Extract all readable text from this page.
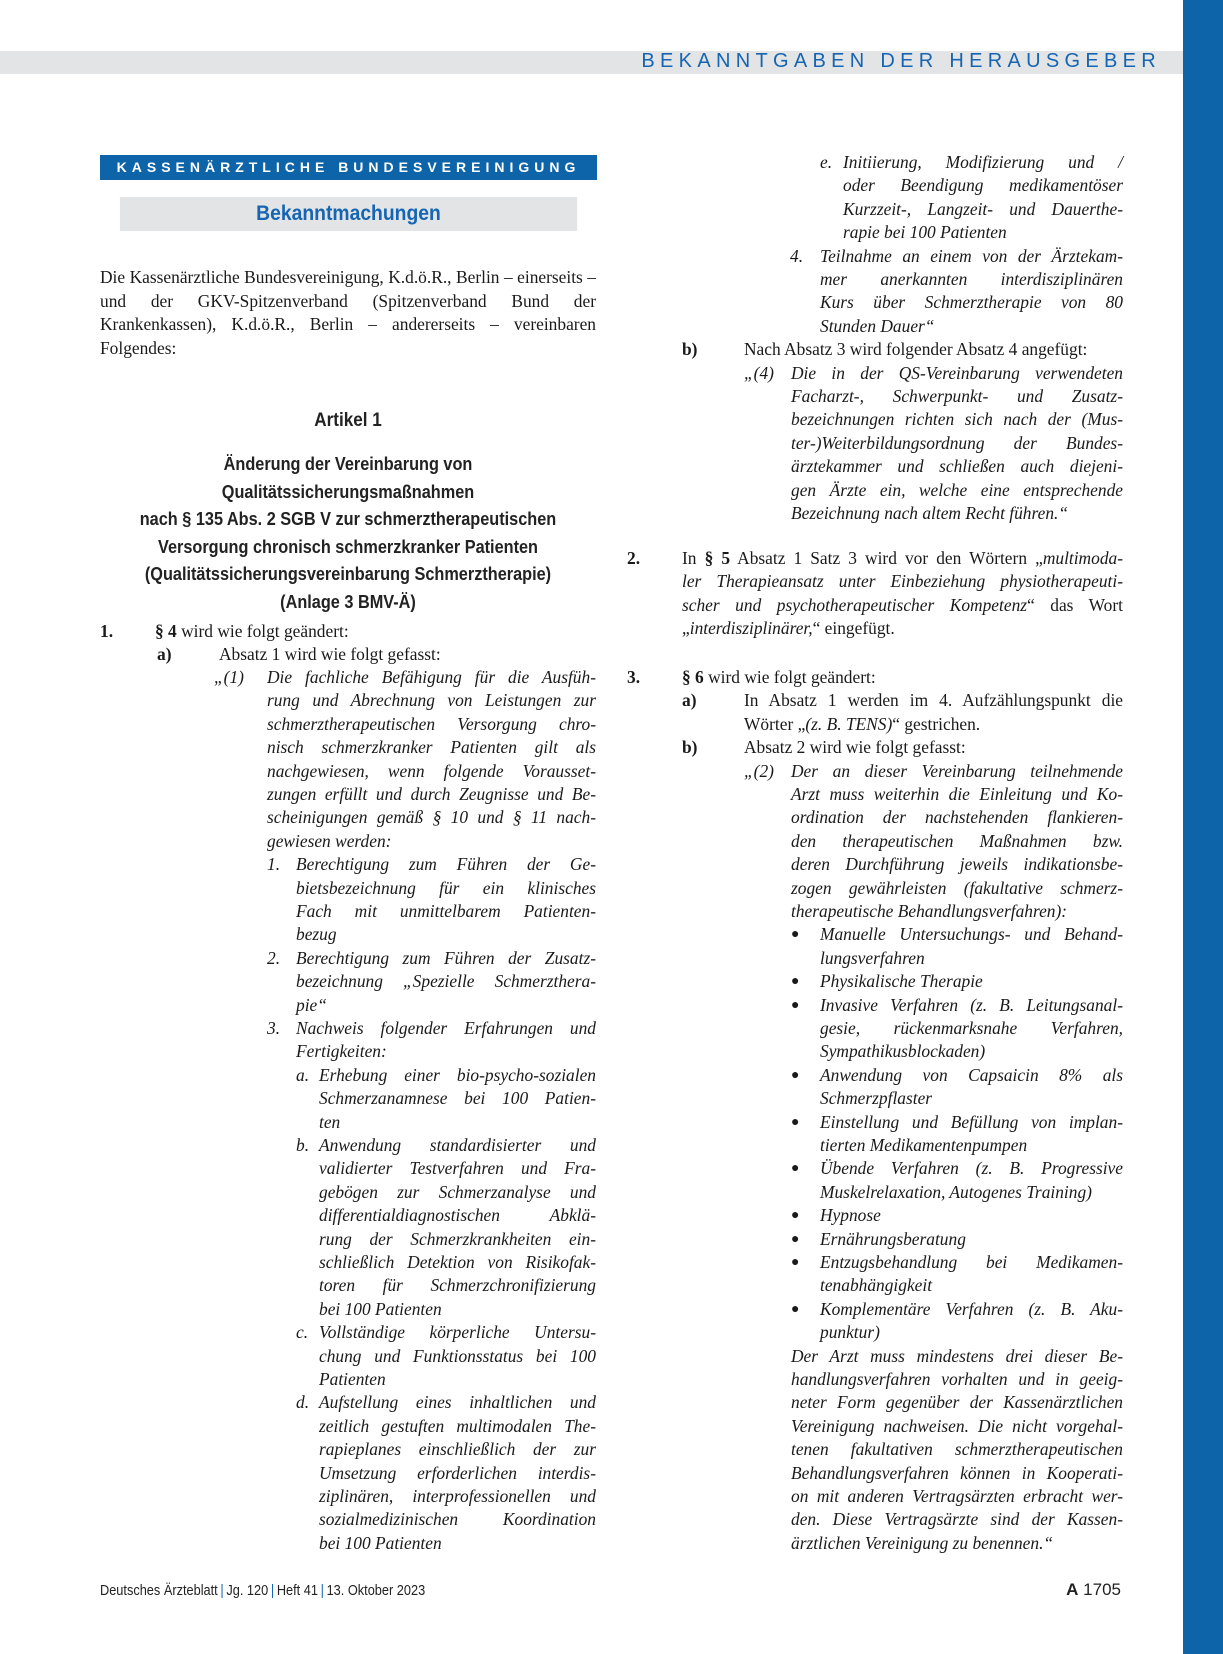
BEKANNTGABEN DER HERAUSGEBER
KASSENÄRZTLICHE BUNDESVEREINIGUNG
Bekanntmachungen
Die Kassenärztliche Bundesvereinigung, K.d.ö.R., Berlin – einerseits – und der GKV-Spitzenverband (Spitzenverband Bund der Krankenkassen), K.d.ö.R., Berlin – andererseits – vereinbaren Folgendes:
Artikel 1
Änderung der Vereinbarung von Qualitätssicherungsmaßnahmen
nach § 135 Abs. 2 SGB V zur schmerztherapeutischen
Versorgung chronisch schmerzkranker Patienten
(Qualitätssicherungsvereinbarung Schmerztherapie)
(Anlage 3 BMV-Ä)
1. § 4 wird wie folgt geändert:
a)	Absatz 1 wird wie folgt gefasst:
„(1) Die fachliche Befähigung für die Ausfüh-
rung und Abrechnung von Leistungen zur
schmerztherapeutischen Versorgung chro-
nisch schmerzkranker Patienten gilt als
nachgewiesen, wenn folgende Vorausset-
zungen erfüllt und durch Zeugnisse und Be-
scheinigungen gemäß § 10 und § 11 nach-
gewiesen werden:
1. Berechtigung zum Führen der Ge-
bietsbezeichnung für ein klinisches
Fach mit unmittelbarem Patienten-
bezug
2. Berechtigung zum Führen der Zusatz-
bezeichnung „Spezielle Schmerzthera-
pie“
3. Nachweis folgender Erfahrungen und
Fertigkeiten:
a. Erhebung einer bio-psycho-sozialen
Schmerzanamnese bei 100 Patien-
ten
b. Anwendung standardisierter und
validierter Testverfahren und Fra-
gebögen zur Schmerzanalyse und
differentialdiagnostischen Abklä-
rung der Schmerzkrankheiten ein-
schließlich Detektion von Risikofak-
toren für Schmerzchronifizierung
bei 100 Patienten
c. Vollständige körperliche Untersu-
chung und Funktionsstatus bei 100
Patienten
d. Aufstellung eines inhaltlichen und
zeitlich gestuften multimodalen The-
rapieplanes einschließlich der zur
Umsetzung erforderlichen interdis-
ziplinären, interprofessionellen und
sozialmedizinischen Koordination
bei 100 Patienten
e. Initiierung, Modifizierung und /
oder Beendigung medikamentöser
Kurzzeit-, Langzeit- und Dauerthe-
rapie bei 100 Patienten
4. Teilnahme an einem von der Ärztekam-
mer anerkannten interdisziplinären
Kurs über Schmerztherapie von 80
Stunden Dauer“
b)	Nach Absatz 3 wird folgender Absatz 4 angefügt:
„(4) Die in der QS-Vereinbarung verwendeten
Facharzt-, Schwerpunkt- und Zusatz-
bezeichnungen richten sich nach der (Mus-
ter-)Weiterbildungsordnung der Bundes-
ärztekammer und schließen auch diejeni-
gen Ärzte ein, welche eine entsprechende
Bezeichnung nach altem Recht führen.“
2. In § 5 Absatz 1 Satz 3 wird vor den Wörtern „multimoda-
ler Therapieansatz unter Einbeziehung physiotherapeuti-
scher und psychotherapeutischer Kompetenz“ das Wort
„interdisziplinärer,“ eingefügt.
3. § 6 wird wie folgt geändert:
a)	In Absatz 1 werden im 4. Aufzählungspunkt die
Wörter „(z. B. TENS)“ gestrichen.
b)	Absatz 2 wird wie folgt gefasst:
„(2) Der an dieser Vereinbarung teilnehmende
Arzt muss weiterhin die Einleitung und Ko-
ordination der nachstehenden flankieren-
den therapeutischen Maßnahmen bzw.
deren Durchführung jeweils indikationsbe-
zogen gewährleisten (fakultative schmerz-
therapeutische Behandlungsverfahren):
● Manuelle Untersuchungs- und Behand-
lungsverfahren
● Physikalische Therapie
● Invasive Verfahren (z. B. Leitungsanal-
gesie, rückenmarksnahe Verfahren,
Sympathikusblockaden)
● Anwendung von Capsaicin 8% als
Schmerzpflaster
● Einstellung und Befüllung von implan-
tierten Medikamentenpumpen
● Übende Verfahren (z. B. Progressive
Muskelrelaxation, Autogenes Training)
● Hypnose
● Ernährungsberatung
● Entzugsbehandlung bei Medikamen-
tenabhängigkeit
● Komplementäre Verfahren (z. B. Aku-
punktur)
Der Arzt muss mindestens drei dieser Be-
handlungsverfahren vorhalten und in geeig-
neter Form gegenüber der Kassenärztlichen
Vereinigung nachweisen. Die nicht vorgehal-
tenen fakultativen schmerztherapeutischen
Behandlungsverfahren können in Kooperati-
on mit anderen Vertragsärzten erbracht wer-
den. Diese Vertragsärzte sind der Kassen-
ärztlichen Vereinigung zu benennen.“
Deutsches Ärzteblatt | Jg. 120 | Heft 41 | 13. Oktober 2023	A 1705
